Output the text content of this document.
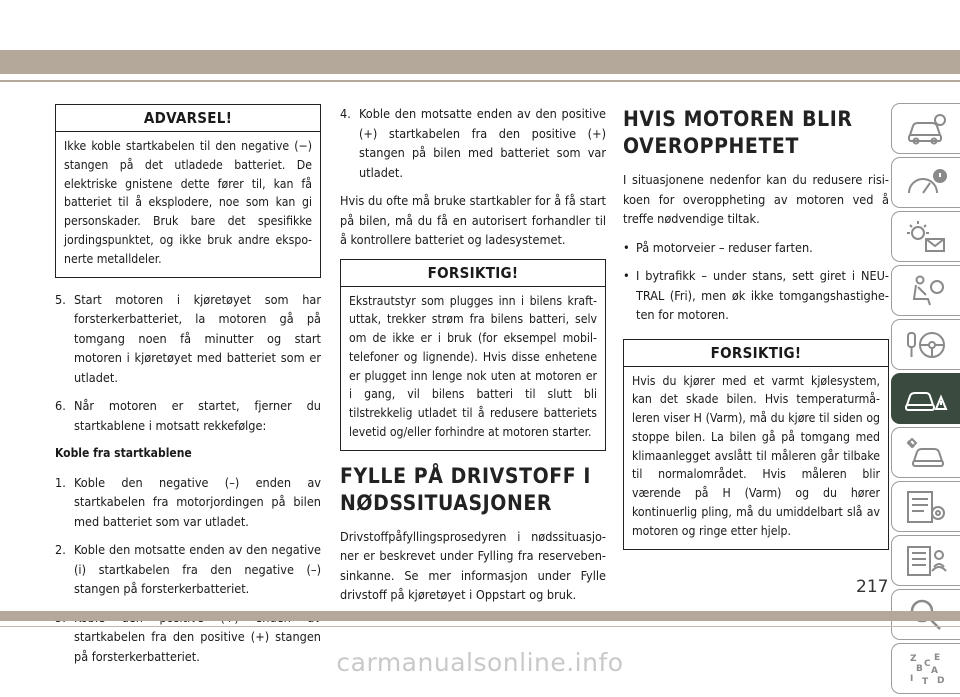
ADVARSEL!
Ikke koble startkabelen til den negative (−) stangen på det utladede batteriet. De elektriske gnistene dette fører til, kan få batteriet til å eksplodere, noe som kan gi personskader. Bruk bare det spesifikke jordingspunktet, og ikke bruk andre eksponerte metalldeler.
5. Start motoren i kjøretøyet som har forsterkerbatteriet, la motoren gå på tomgang noen få minutter og start motoren i kjøretøyet med batteriet som er utladet.
6. Når motoren er startet, fjerner du startkablene i motsatt rekkefølge:
Koble fra startkablene
1. Koble den negative (–) enden av startkabelen fra motorjordingen på bilen med batteriet som var utladet.
2. Koble den motsatte enden av den negative (i) startkabelen fra den negative (–) stangen på forsterkerbatteriet.
startkabelen fra den positive (+) stangen på forsterkerbatteriet.
4. Koble den motsatte enden av den positive (+) startkabelen fra den positive (+) stangen på bilen med batteriet som var utladet.

Hvis du ofte må bruke startkabler for å få start på bilen, må du få en autorisert forhandler til å kontrollere batteriet og ladesystemet.

FORSIKTIG!
Ekstrautstyr som plugges inn i bilens kraftuttak, trekker strøm fra bilens batteri, selv om de ikke er i bruk (for eksempel mobiltelefoner og lignende). Hvis disse enhetene er plugget inn lenge nok uten at motoren er i gang, vil bilens batteri til slutt bli tilstrekkelig utladet til å redusere batteriets levetid og/eller forhindre at motoren starter.
FYLLE PÅ DRIVSTOFF I NØDSSITUASJONER

Drivstoffpåfyllingsprosedyren i nødssituasjoner er beskrevet under Fylling fra reservebensinkanne. Se mer informasjon under Fylle drivstoff på kjøretøyet i Oppstart og bruk.

HVIS MOTOREN BLIR OVEROPPHETET

I situasjonene nedenfor kan du redusere risikoen for overoppheting av motoren ved å treffe nødvendige tiltak.

• På motorveier – reduser farten.
• I bytrafikk – under stans, sett giret i NEUTRAL (Fri), men øk ikke tomgangshastigheten for motoren.
FORSIKTIG!
Hvis du kjører med et varmt kjølesystem, kan det skade bilen. Hvis temperaturmåleren viser H (Varm), må du kjøre til siden og stoppe bilen. La bilen gå på tomgang med klimaanlegget avslått til måleren går tilbake til normalområdet. Hvis måleren blir værende på H (Varm) og du hører kontinuerlig pling, må du umiddelbart slå av motoren og ringe etter hjelp.
Z E
B A
C
I T D
217
carmanualsonline.info
